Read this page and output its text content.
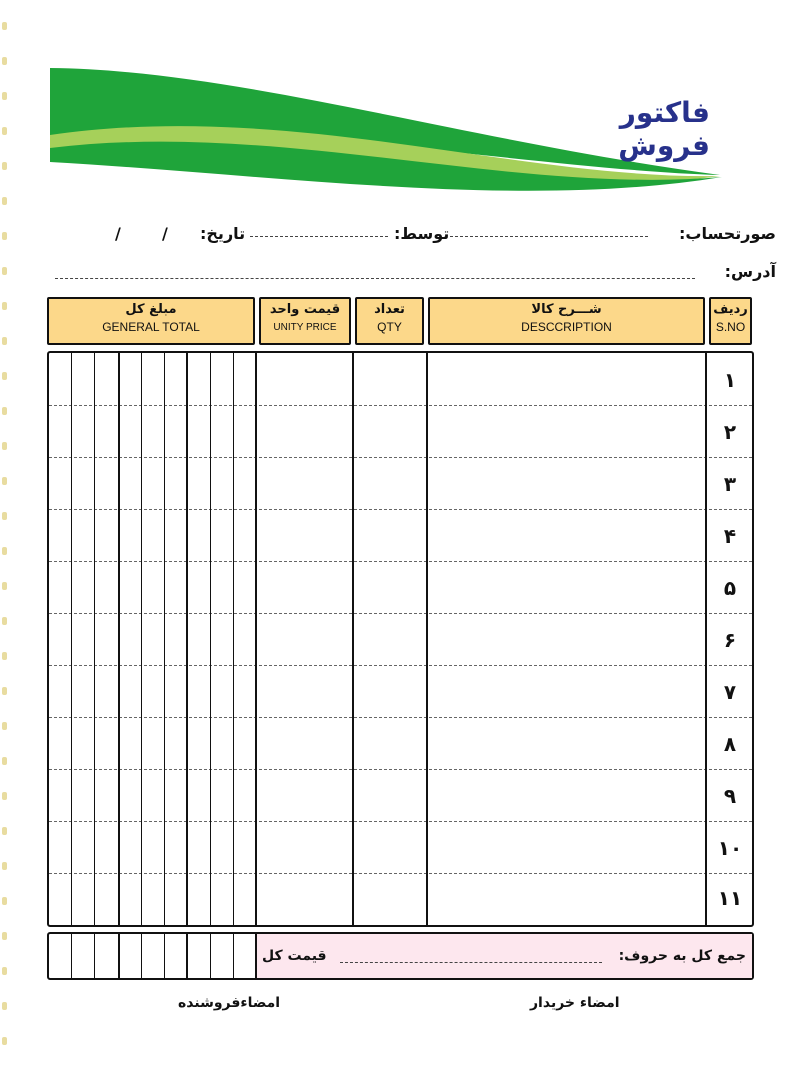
فاکتور فروش
صورتحساب:
توسط:
تاریخ:
/
/
آدرس:
ردیف
S.NO
شـــرح کالا
DESCCRIPTION
تعداد
QTY
قیمت واحد
UNITY PRICE
مبلغ کل
GENERAL TOTAL
۱
۲
۳
۴
۵
۶
۷
۸
۹
۱۰
۱۱
جمع کل به حروف:
قیمت کل
امضاء خریدار
امضاءفروشنده
